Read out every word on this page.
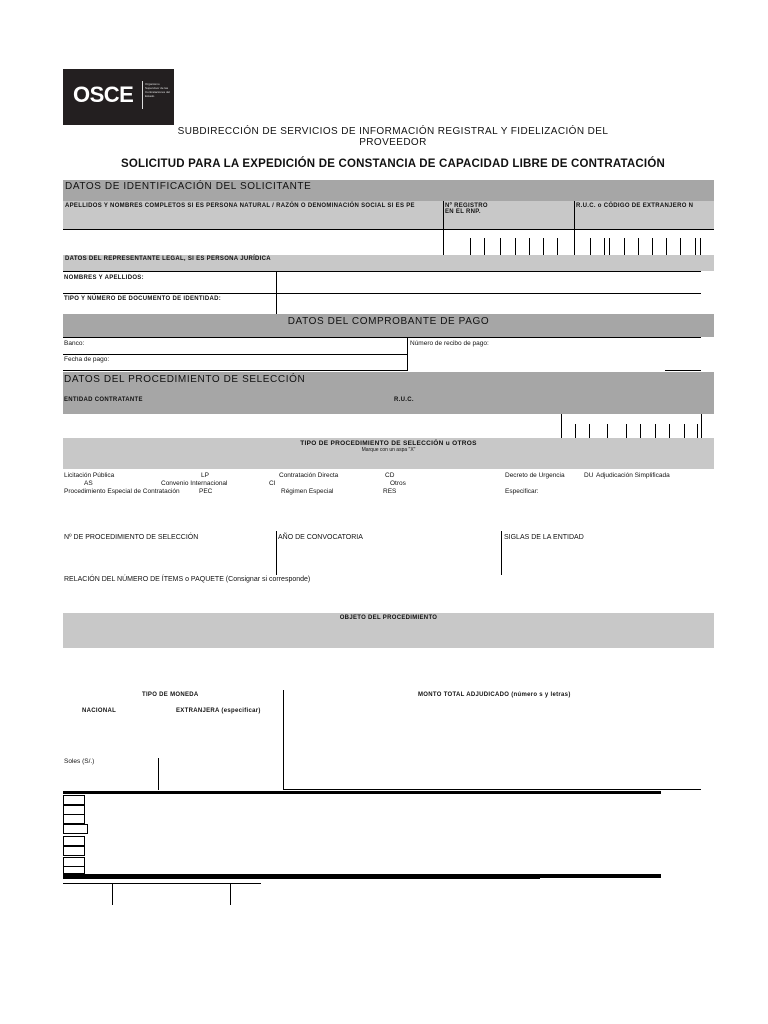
OSCE	Organismo Supervisor de las Contrataciones del Estado
SUBDIRECCIÓN DE SERVICIOS DE INFORMACIÓN REGISTRAL Y FIDELIZACIÓN DEL
PROVEEDOR
SOLICITUD PARA LA EXPEDICIÓN DE CONSTANCIA DE CAPACIDAD LIBRE DE CONTRATACIÓN
DATOS DE IDENTIFICACIÓN DEL SOLICITANTE
APELLIDOS Y NOMBRES COMPLETOS SI ES PERSONA NATURAL / RAZÓN O DENOMINACIÓN SOCIAL SI ES PE	Nº REGISTRO
EN EL RNP.
R.U.C. o CÓDIGO DE EXTRANJERO N
DATOS DEL REPRESENTANTE LEGAL, SI ES PERSONA JURÍDICA
NOMBRES Y APELLIDOS:
TIPO Y NÚMERO DE DOCUMENTO DE IDENTIDAD:
DATOS DEL COMPROBANTE DE PAGO
Banco:	Número de recibo de pago:
Fecha de pago:
DATOS DEL PROCEDIMIENTO DE SELECCIÓN
ENTIDAD CONTRATANTE	R.U.C.
TIPO DE PROCEDIMIENTO DE SELECCIÓN u OTROS
Marque con un aspa "X"
Licitación Pública	LP	Contratación Directa	CD	Decreto de Urgencia	DU Adjudicación Simplificada
AS	Convenio Internacional	CI	Otros
Procedimiento Especial de Contratación	PEC	Régimen Especial	RES	Especificar:
Nº DE PROCEDIMIENTO DE SELECCIÓN	AÑO DE CONVOCATORIA	SIGLAS DE LA ENTIDAD
RELACIÓN DEL NÚMERO DE ÍTEMS o PAQUETE (Consignar si corresponde)
OBJETO DEL PROCEDIMIENTO
TIPO DE MONEDA	MONTO TOTAL ADJUDICADO (número s y letras)
NACIONAL	EXTRANJERA (especificar)
Soles (S/.)
